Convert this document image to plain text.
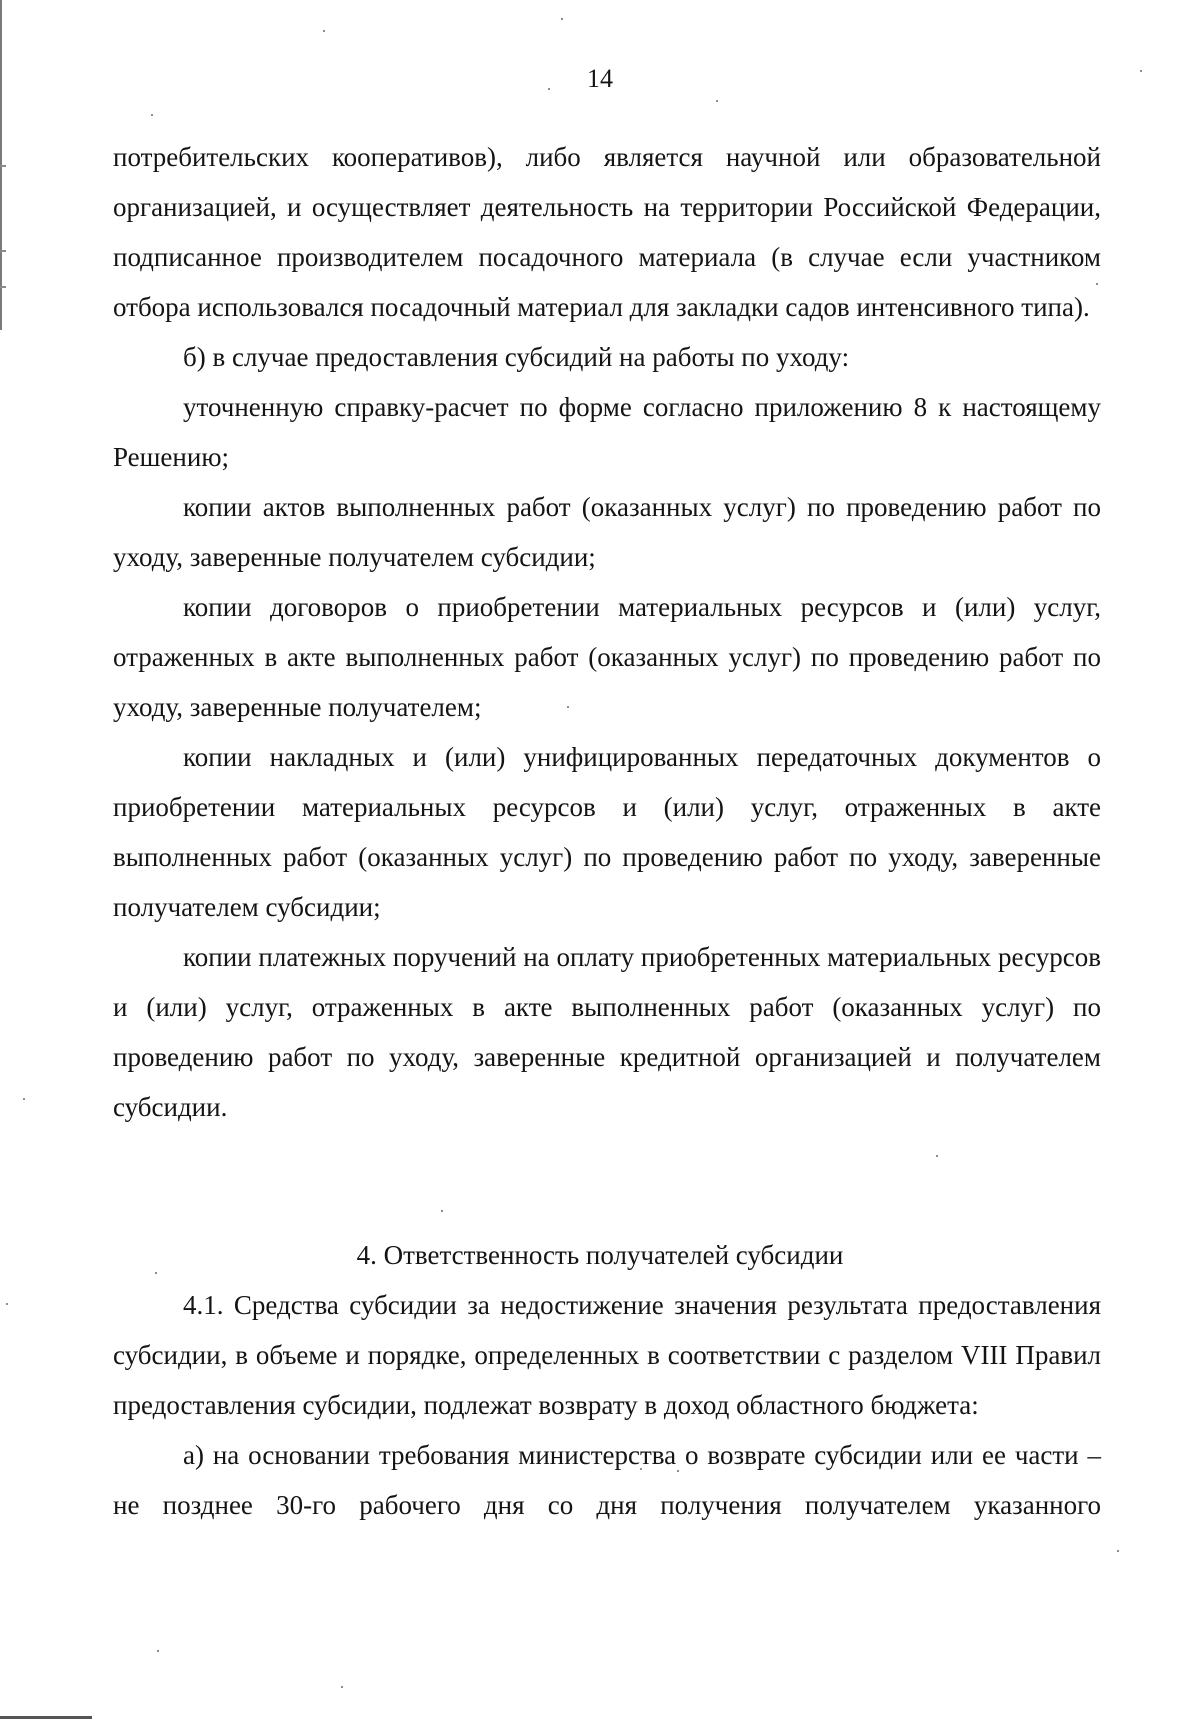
14

потребительских кооперативов), либо является научной или образовательной организацией, и осуществляет деятельность на территории Российской Федерации, подписанное производителем посадочного материала (в случае если участником отбора использовался посадочный материал для закладки садов интенсивного типа).

б) в случае предоставления субсидий на работы по уходу:

уточненную справку-расчет по форме согласно приложению 8 к настоящему Решению;

копии актов выполненных работ (оказанных услуг) по проведению работ по уходу, заверенные получателем субсидии;

копии договоров о приобретении материальных ресурсов и (или) услуг, отраженных в акте выполненных работ (оказанных услуг) по проведению работ по уходу, заверенные получателем;

копии накладных и (или) унифицированных передаточных документов о приобретении материальных ресурсов и (или) услуг, отраженных в акте выполненных работ (оказанных услуг) по проведению работ по уходу, заверенные получателем субсидии;

копии платежных поручений на оплату приобретенных материальных ресурсов и (или) услуг, отраженных в акте выполненных работ (оказанных услуг) по проведению работ по уходу, заверенные кредитной организацией и получателем субсидии.

4. Ответственность получателей субсидии

4.1. Средства субсидии за недостижение значения результата предоставления субсидии, в объеме и порядке, определенных в соответствии с разделом VIII Правил предоставления субсидии, подлежат возврату в доход областного бюджета:

а) на основании требования министерства о возврате субсидии или ее части – не позднее 30-го рабочего дня со дня получения получателем указанного
